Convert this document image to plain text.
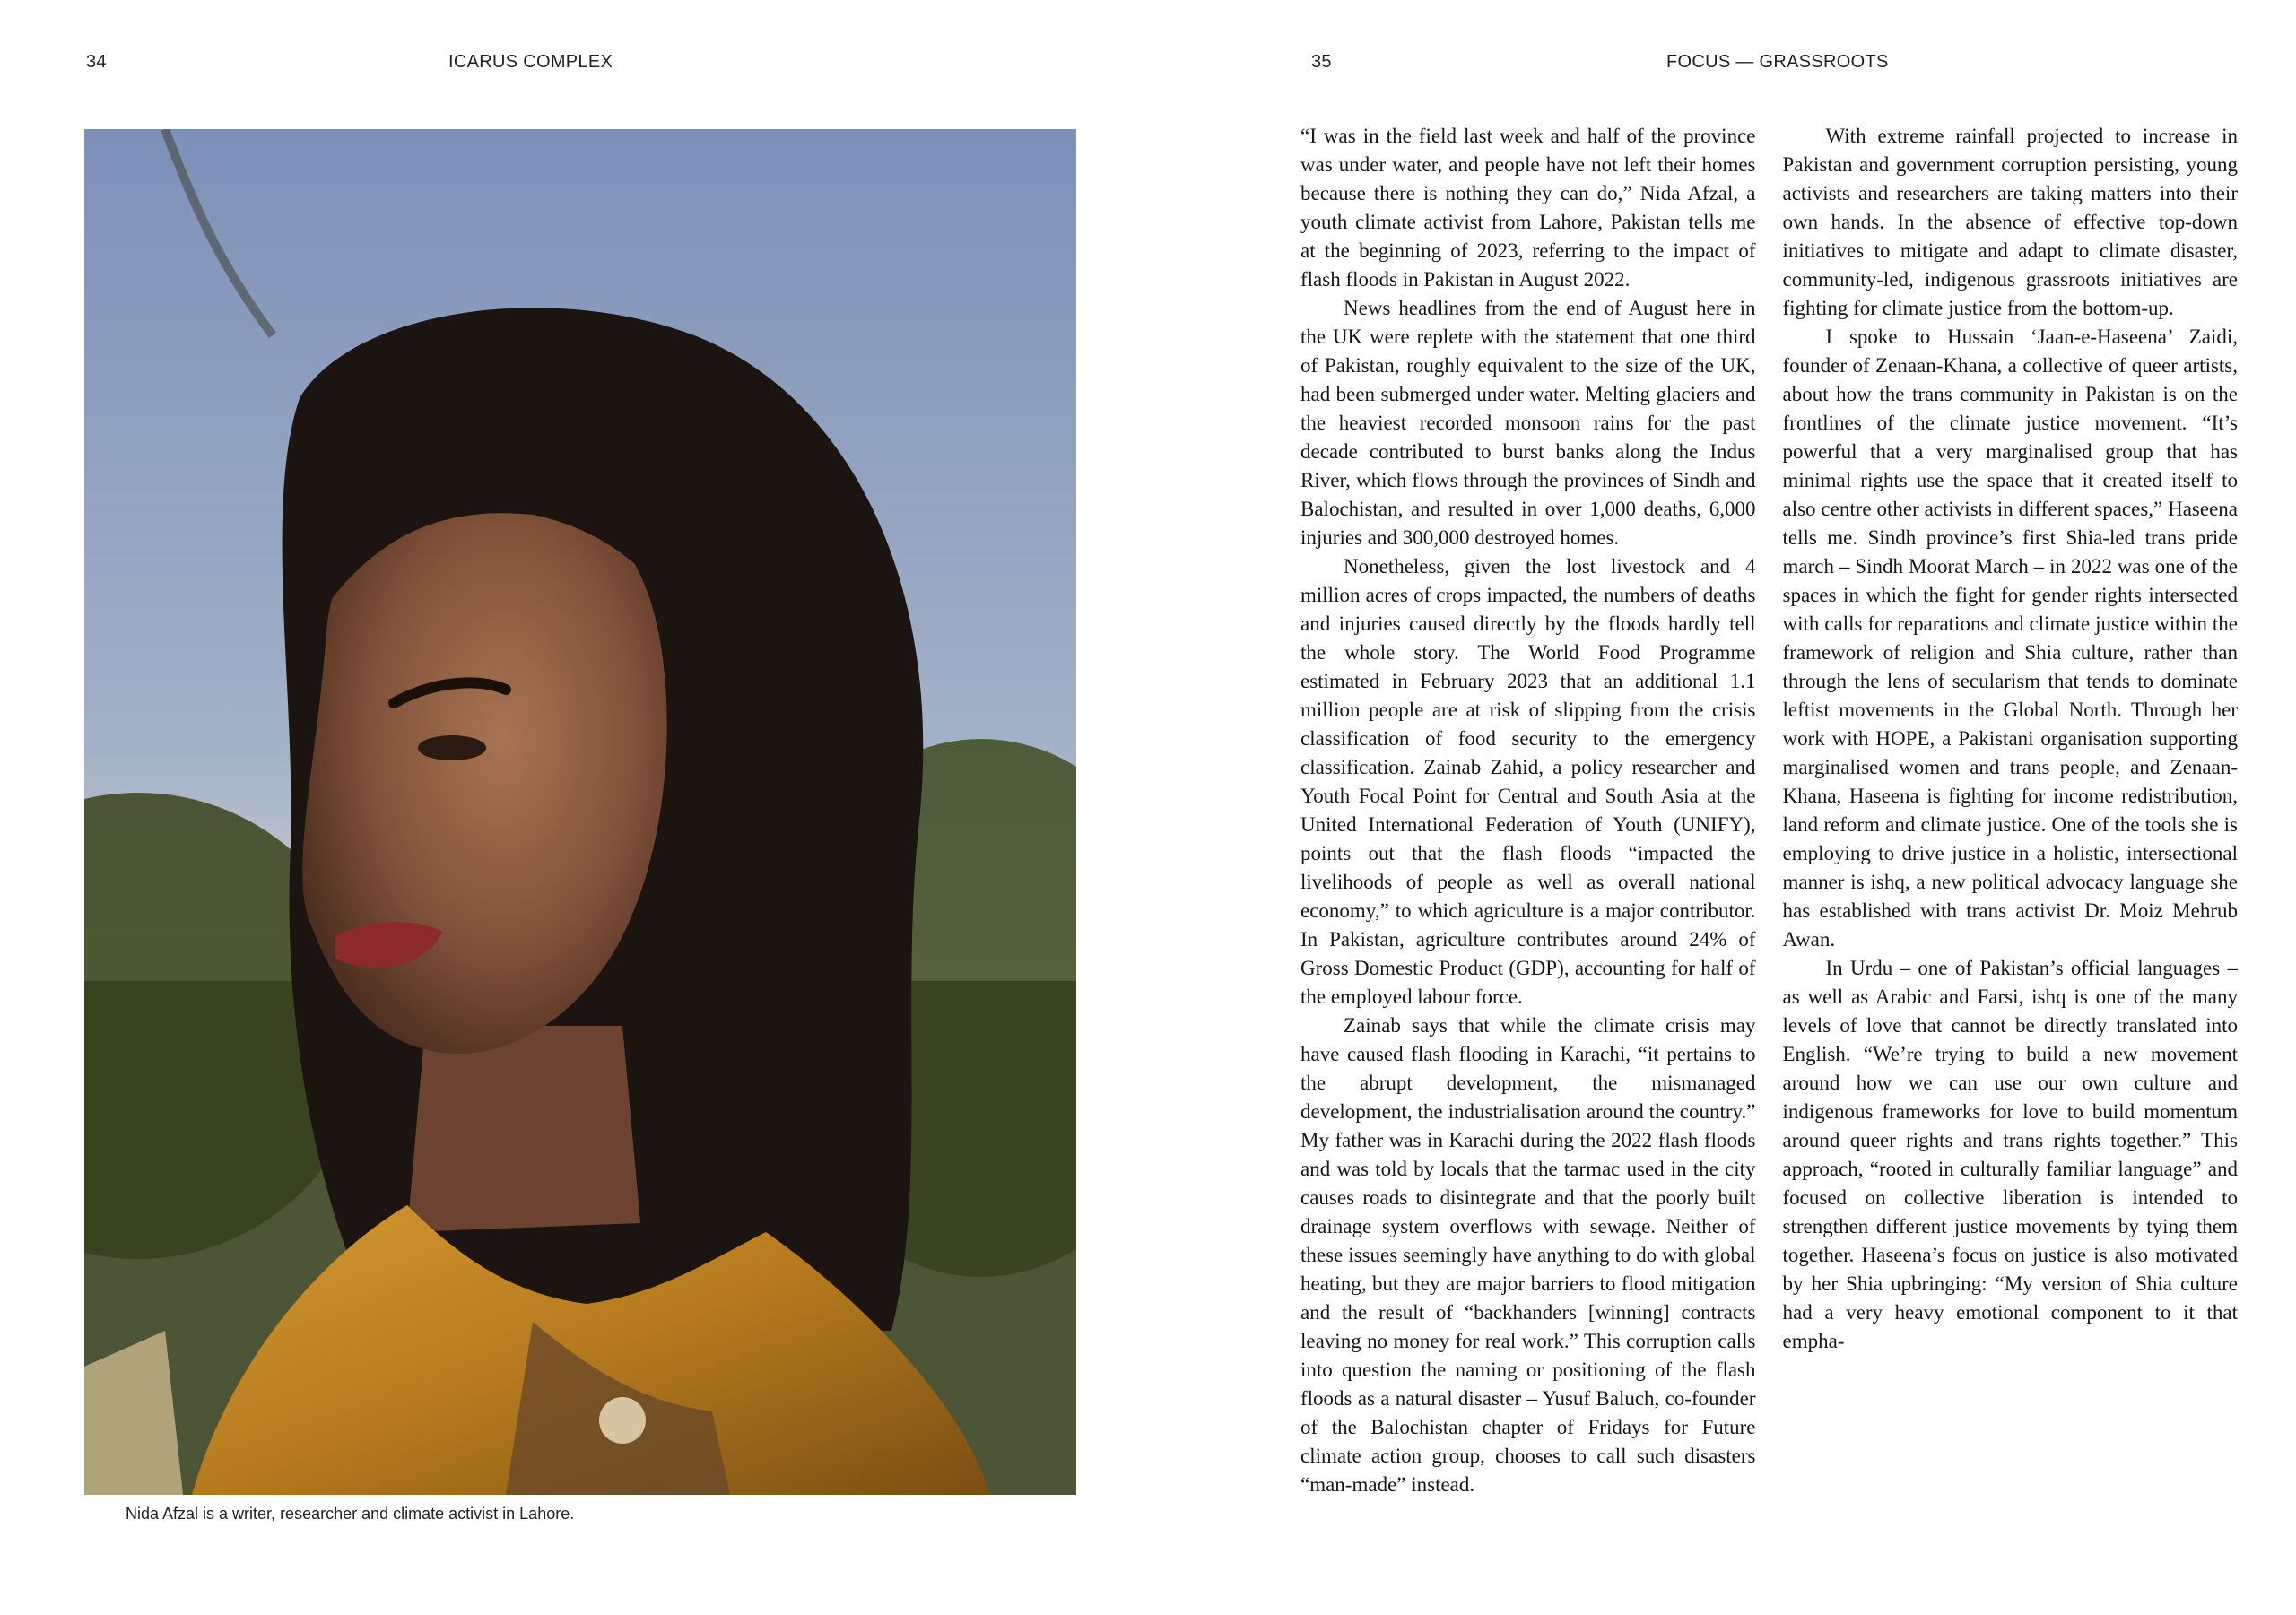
34	ICARUS COMPLEX	35	FOCUS — GRASSROOTS
Nida Afzal is a writer, researcher and climate activist in Lahore.

“I was in the field last week and half of the province was under water, and people have not left their homes because there is nothing they can do,” Nida Afzal, a youth climate activist from Lahore, Pakistan tells me at the beginning of 2023, referring to the impact of flash floods in Pakistan in August 2022.

News headlines from the end of August here in the UK were replete with the statement that one third of Pakistan, roughly equivalent to the size of the UK, had been submerged under water. Melting glaciers and the heaviest recorded monsoon rains for the past decade contributed to burst banks along the Indus River, which flows through the provinces of Sindh and Balochistan, and resulted in over 1,000 deaths, 6,000 injuries and 300,000 destroyed homes.

Nonetheless, given the lost livestock and 4 million acres of crops impacted, the numbers of deaths and injuries caused directly by the floods hardly tell the whole story. The World Food Programme estimated in February 2023 that an additional 1.1 million people are at risk of slipping from the crisis classification of food security to the emergency classification. Zainab Zahid, a policy researcher and Youth Focal Point for Central and South Asia at the United International Federation of Youth (UNIFY), points out that the flash floods “impacted the livelihoods of people as well as overall national economy,” to which agriculture is a major contributor. In Pakistan, agriculture contributes around 24% of Gross Domestic Product (GDP), accounting for half of the employed labour force.

Zainab says that while the climate crisis may have caused flash flooding in Karachi, “it pertains to the abrupt development, the mismanaged development, the industrialisation around the country.” My father was in Karachi during the 2022 flash floods and was told by locals that the tarmac used in the city causes roads to disintegrate and that the poorly built drainage system overflows with sewage. Neither of these issues seemingly have anything to do with global heating, but they are major barriers to flood mitigation and the result of “backhanders [winning] contracts leaving no money for real work.” This corruption calls into question the naming or positioning of the flash floods as a natural disaster – Yusuf Baluch, co-founder of the Balochistan chapter of Fridays for Future climate action group, chooses to call such disasters “man-made” instead.

With extreme rainfall projected to increase in Pakistan and government corruption persisting, young activists and researchers are taking matters into their own hands. In the absence of effective top-down initiatives to mitigate and adapt to climate disaster, community-led, indigenous grassroots initiatives are fighting for climate justice from the bottom-up.

I spoke to Hussain ‘Jaan-e-Haseena’ Zaidi, founder of Zenaan-Khana, a collective of queer artists, about how the trans community in Pakistan is on the frontlines of the climate justice movement. “It’s powerful that a very marginalised group that has minimal rights use the space that it created itself to also centre other activists in different spaces,” Haseena tells me. Sindh province’s first Shia-led trans pride march – Sindh Moorat March – in 2022 was one of the spaces in which the fight for gender rights intersected with calls for reparations and climate justice within the framework of religion and Shia culture, rather than through the lens of secularism that tends to dominate leftist movements in the Global North. Through her work with HOPE, a Pakistani organisation supporting marginalised women and trans people, and Zenaan-Khana, Haseena is fighting for income redistribution, land reform and climate justice. One of the tools she is employing to drive justice in a holistic, intersectional manner is ishq, a new political advocacy language she has established with trans activist Dr. Moiz Mehrub Awan.

In Urdu – one of Pakistan’s official languages – as well as Arabic and Farsi, ishq is one of the many levels of love that cannot be directly translated into English. “We’re trying to build a new movement around how we can use our own culture and indigenous frameworks for love to build momentum around queer rights and trans rights together.” This approach, “rooted in culturally familiar language” and focused on collective liberation is intended to strengthen different justice movements by tying them together. Haseena’s focus on justice is also motivated by her Shia upbringing: “My version of Shia culture had a very heavy emotional component to it that empha-
